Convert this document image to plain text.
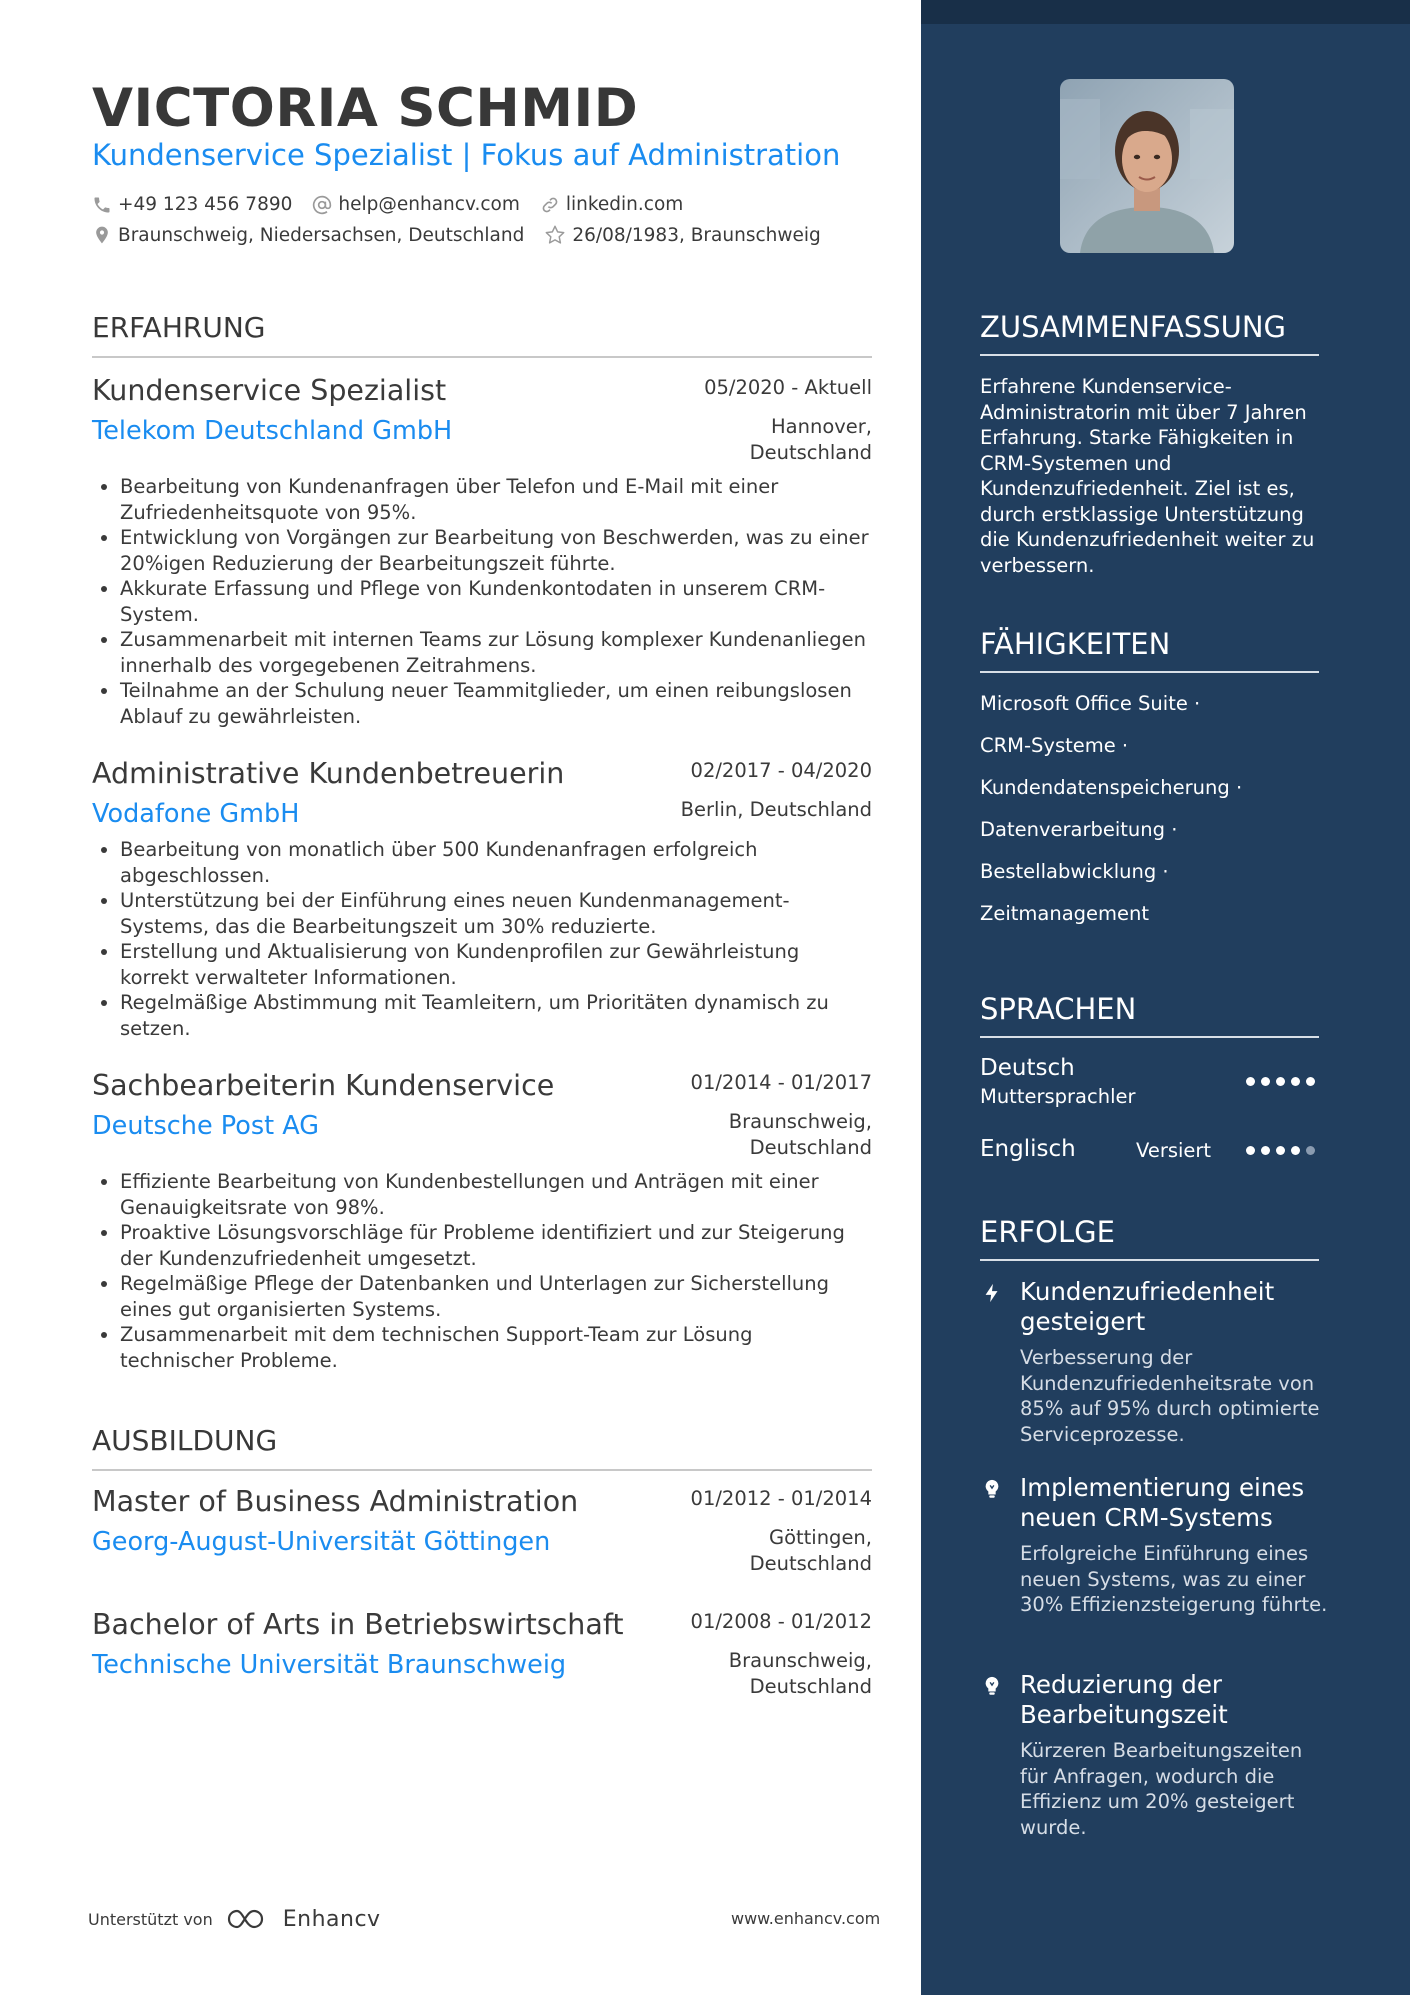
VICTORIA SCHMID
Kundenservice Spezialist | Fokus auf Administration
+49 123 456 7890 help@enhancv.com linkedin.com
Braunschweig, Niedersachsen, Deutschland	26/08/1983, Braunschweig
ERFAHRUNG
Kundenservice Spezialist	05/2020 - Aktuell
Telekom Deutschland GmbH	Hannover, Deutschland
• Bearbeitung von Kundenanfragen über Telefon und E-Mail mit einer Zufriedenheitsquote von 95%.
• Entwicklung von Vorgängen zur Bearbeitung von Beschwerden, was zu einer 20%igen Reduzierung der Bearbeitungszeit führte.
• Akkurate Erfassung und Pflege von Kundenkontodaten in unserem CRM-System.
• Zusammenarbeit mit internen Teams zur Lösung komplexer Kundenanliegen innerhalb des vorgegebenen Zeitrahmens.
• Teilnahme an der Schulung neuer Teammitglieder, um einen reibungslosen Ablauf zu gewährleisten.
Administrative Kundenbetreuerin	02/2017 - 04/2020
Vodafone GmbH	Berlin, Deutschland
• Bearbeitung von monatlich über 500 Kundenanfragen erfolgreich abgeschlossen.
• Unterstützung bei der Einführung eines neuen Kundenmanagement-Systems, das die Bearbeitungszeit um 30% reduzierte.
• Erstellung und Aktualisierung von Kundenprofilen zur Gewährleistung korrekt verwalteter Informationen.
• Regelmäßige Abstimmung mit Teamleitern, um Prioritäten dynamisch zu setzen.
Sachbearbeiterin Kundenservice	01/2014 - 01/2017
Deutsche Post AG	Braunschweig, Deutschland
• Effiziente Bearbeitung von Kundenbestellungen und Anträgen mit einer Genauigkeitsrate von 98%.
• Proaktive Lösungsvorschläge für Probleme identifiziert und zur Steigerung der Kundenzufriedenheit umgesetzt.
• Regelmäßige Pflege der Datenbanken und Unterlagen zur Sicherstellung eines gut organisierten Systems.
• Zusammenarbeit mit dem technischen Support-Team zur Lösung technischer Probleme.
AUSBILDUNG
Master of Business Administration	01/2012 - 01/2014
Georg-August-Universität Göttingen	Göttingen, Deutschland
Bachelor of Arts in Betriebswirtschaft	01/2008 - 01/2012
Technische Universität Braunschweig	Braunschweig, Deutschland
Unterstützt von	Enhancv	www.enhancv.com
ZUSAMMENFASSUNG
Erfahrene Kundenservice-Administratorin mit über 7 Jahren Erfahrung. Starke Fähigkeiten in CRM-Systemen und Kundenzufriedenheit. Ziel ist es, durch erstklassige Unterstützung die Kundenzufriedenheit weiter zu verbessern.
FÄHIGKEITEN
Microsoft Office Suite ·
CRM-Systeme ·
Kundendatenspeicherung ·
Datenverarbeitung ·
Bestellabwicklung ·
Zeitmanagement
SPRACHEN
Deutsch
Muttersprachler
Englisch	Versiert
ERFOLGE
Kundenzufriedenheit gesteigert
Verbesserung der Kundenzufriedenheitsrate von 85% auf 95% durch optimierte Serviceprozesse.
Implementierung eines neuen CRM-Systems
Erfolgreiche Einführung eines neuen Systems, was zu einer 30% Effizienzsteigerung führte.
Reduzierung der Bearbeitungszeit
Kürzeren Bearbeitungszeiten für Anfragen, wodurch die Effizienz um 20% gesteigert wurde.
